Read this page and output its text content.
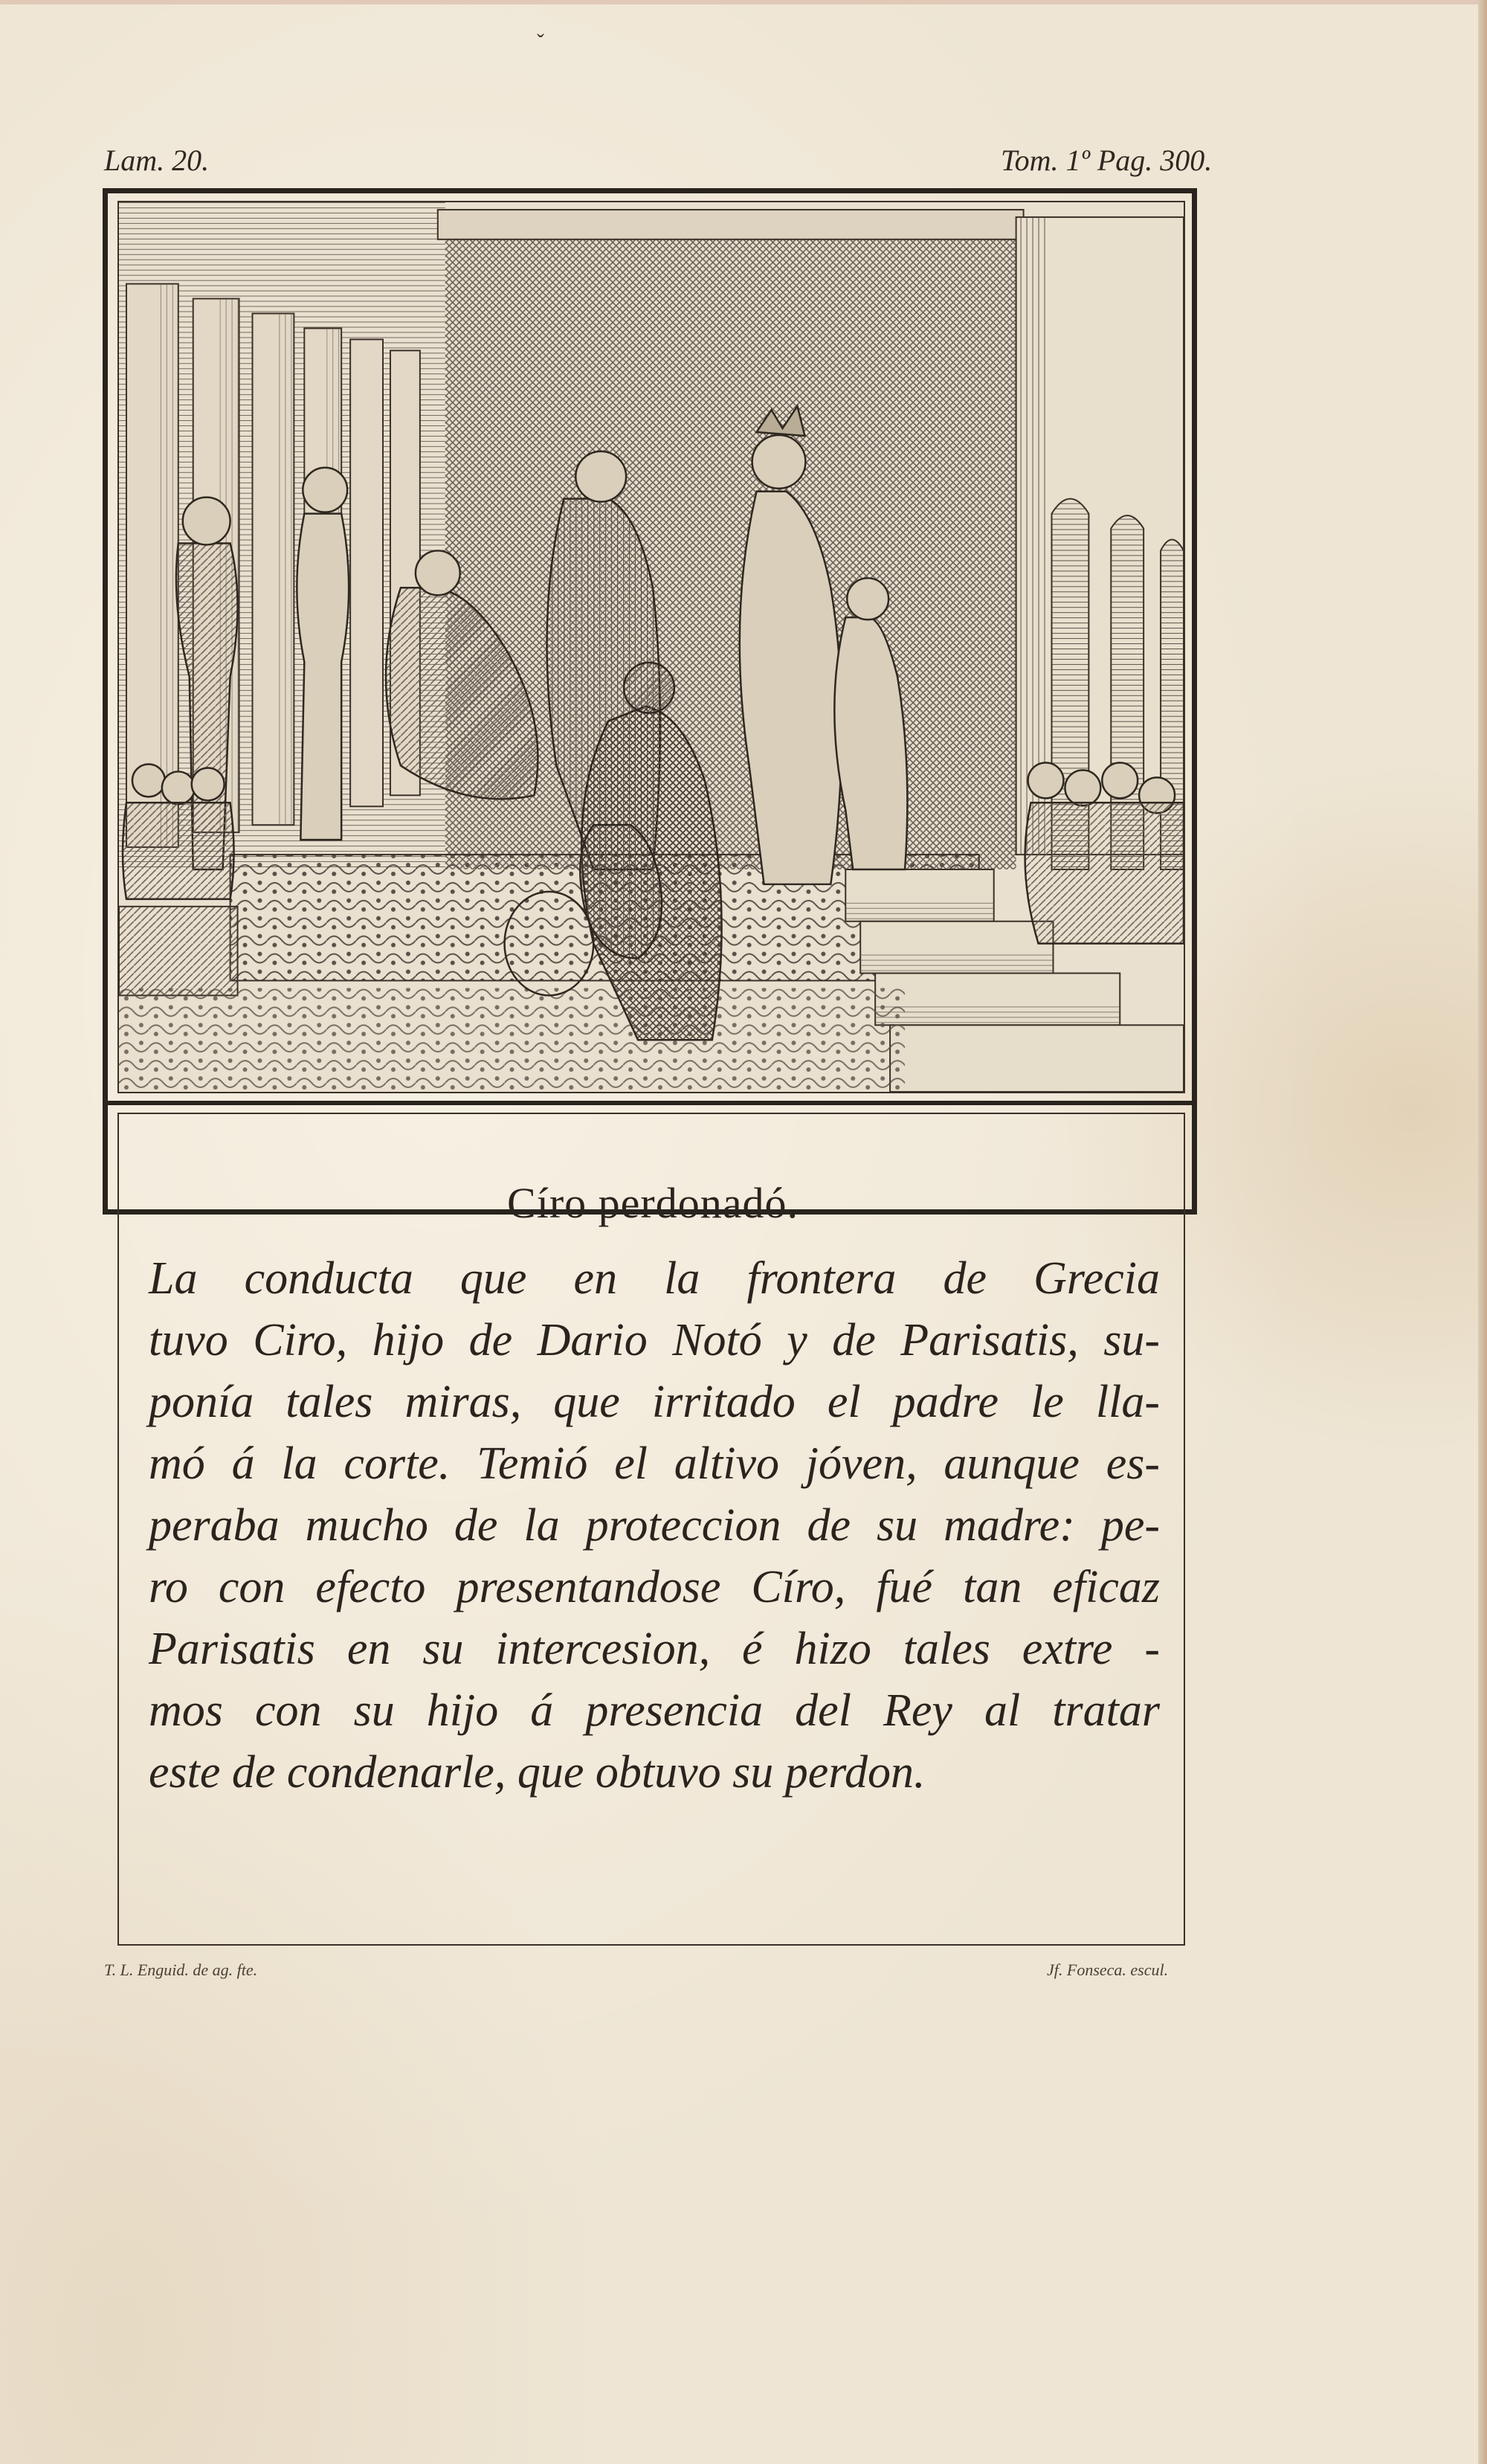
ˇ
Lam. 20.	Tom. 1º Pag. 300.
Círo perdonadó.
La conducta que en la frontera de Grecia
tuvo Ciro, hijo de Dario Notó y de Parisatis, su-
ponía tales miras, que irritado el padre le lla-
mó á la corte. Temió el altivo jóven, aunque es-
peraba mucho de la proteccion de su madre: pe-
ro con efecto presentandose Círo, fué tan eficaz
Parisatis en su intercesion, é hizo tales extre -
mos con su hijo á presencia del Rey al tratar
este de condenarle, que obtuvo su perdon.
T. L. Enguid. de ag. fte.	Jf. Fonseca. escul.
